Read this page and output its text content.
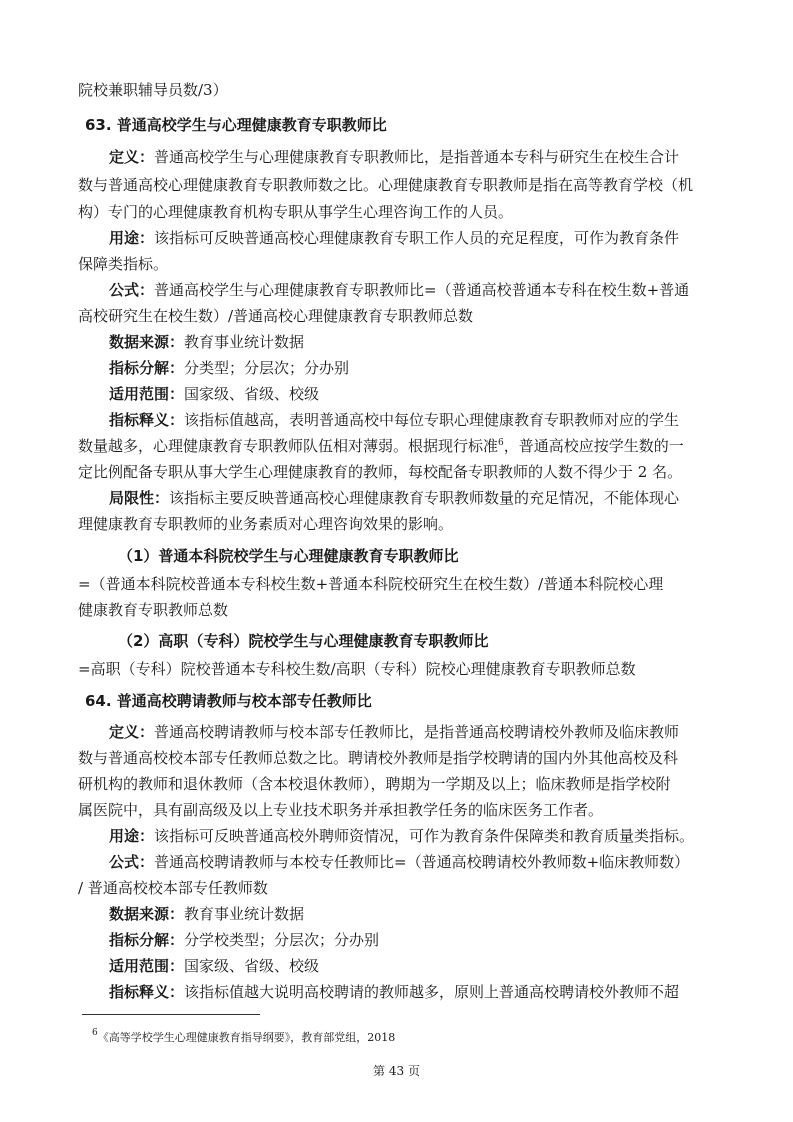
院校兼职辅导员数/3）
63. 普通高校学生与心理健康教育专职教师比
定义：普通高校学生与心理健康教育专职教师比，是指普通本专科与研究生在校生合计
数与普通高校心理健康教育专职教师数之比。心理健康教育专职教师是指在高等教育学校（机
构）专门的心理健康教育机构专职从事学生心理咨询工作的人员。
用途：该指标可反映普通高校心理健康教育专职工作人员的充足程度，可作为教育条件
保障类指标。
公式：普通高校学生与心理健康教育专职教师比=（普通高校普通本专科在校生数+普通
高校研究生在校生数）/普通高校心理健康教育专职教师总数
数据来源：教育事业统计数据
指标分解：分类型；分层次；分办别
适用范围：国家级、省级、校级
指标释义：该指标值越高，表明普通高校中每位专职心理健康教育专职教师对应的学生
数量越多，心理健康教育专职教师队伍相对薄弱。根据现行标准$^6$，普通高校应按学生数的一
定比例配备专职从事大学生心理健康教育的教师，每校配备专职教师的人数不得少于 2 名。
局限性：该指标主要反映普通高校心理健康教育专职教师数量的充足情况，不能体现心
理健康教育专职教师的业务素质对心理咨询效果的影响。
（1）普通本科院校学生与心理健康教育专职教师比
=（普通本科院校普通本专科校生数+普通本科院校研究生在校生数）/普通本科院校心理
健康教育专职教师总数
（2）高职（专科）院校学生与心理健康教育专职教师比
=高职（专科）院校普通本专科校生数/高职（专科）院校心理健康教育专职教师总数
64. 普通高校聘请教师与校本部专任教师比
定义：普通高校聘请教师与校本部专任教师比，是指普通高校聘请校外教师及临床教师
数与普通高校校本部专任教师总数之比。聘请校外教师是指学校聘请的国内外其他高校及科
研机构的教师和退休教师（含本校退休教师），聘期为一学期及以上；临床教师是指学校附
属医院中，具有副高级及以上专业技术职务并承担教学任务的临床医务工作者。
用途：该指标可反映普通高校外聘师资情况，可作为教育条件保障类和教育质量类指标。
公式：普通高校聘请教师与本校专任教师比=（普通高校聘请校外教师数+临床教师数）
/ 普通高校校本部专任教师数
数据来源：教育事业统计数据
指标分解：分学校类型；分层次；分办别
适用范围：国家级、省级、校级
指标释义：该指标值越大说明高校聘请的教师越多，原则上普通高校聘请校外教师不超
$^6$《高等学校学生心理健康教育指导纲要》，教育部党组，2018
第 43 页
